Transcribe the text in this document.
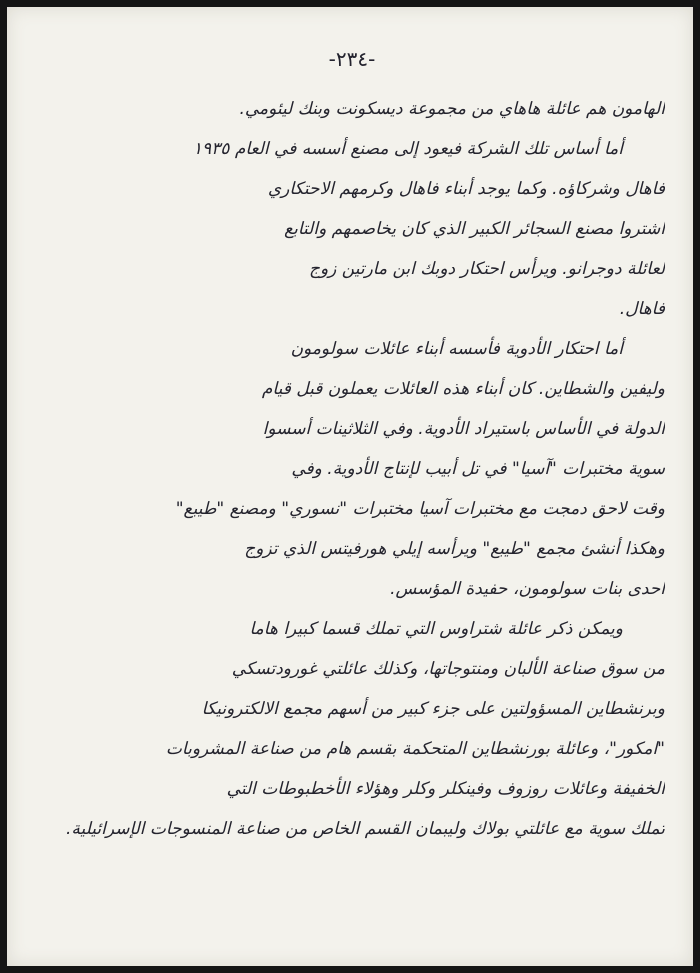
-٢٣٤-
الهامون هم عائلة هاهاي من مجموعة ديسكونت وبنك ليئومي.
أما أساس تلك الشركة فيعود إلى مصنع أسسه في العام ١٩٣٥
فاهال وشركاؤه. وكما يوجد أبناء فاهال وكرمهم الاحتكاري
اشتروا مصنع السجائر الكبير الذي كان يخاصمهم والتابع
لعائلة دوجرانو. ويرأس احتكار دوبك ابن مارتين زوج
فاهال.
أما احتكار الأدوية فأسسه أبناء عائلات سولومون
وليفين والشطاين. كان أبناء هذه العائلات يعملون قبل قيام
الدولة في الأساس باستيراد الأدوية. وفي الثلاثينات أسسوا
سوية مختبرات "آسيا" في تل أبيب لإنتاج الأدوية. وفي
وقت لاحق دمجت مع مختبرات آسيا مختبرات "نسوري" ومصنع "طيبع"
وهكذا أنشئ مجمع "طيبع" ويرأسه إيلي هورفيتس الذي تزوج
احدى بنات سولومون، حفيدة المؤسس.
ويمكن ذكر عائلة شتراوس التي تملك قسما كبيرا هاما
من سوق صناعة الألبان ومنتوجاتها، وكذلك عائلتي غورودتسكي
وبرنشطاين المسؤولتين على جزء كبير من أسهم مجمع الالكترونيكا
"امكور"، وعائلة بورنشطاين المتحكمة بقسم هام من صناعة المشروبات
الخفيفة وعائلات روزوف وفينكلر وكلر وهؤلاء الأخطبوطات التي
تملك سوية مع عائلتي بولاك وليبمان القسم الخاص من صناعة المنسوجات الإسرائيلية.
